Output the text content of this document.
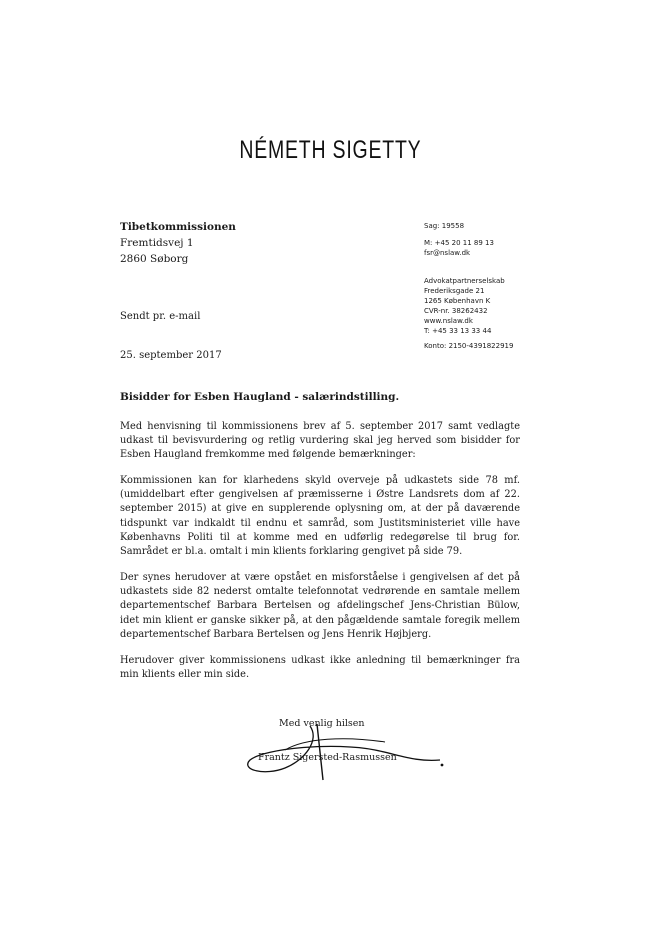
NÉMETH SIGETTY
Tibetkommissionen
Fremtidsvej 1
2860 Søborg
Sag: 19558
M: +45 20 11 89 13
fsr@nslaw.dk
Advokatpartnerselskab
Frederiksgade 21
1265 København K
CVR-nr. 38262432
www.nslaw.dk
T: +45 33 13 33 44
Konto: 2150-4391822919
Sendt pr. e-mail
25. september 2017
Bisidder for Esben Haugland - salærindstilling.
Med henvisning til kommissionens brev af 5. september 2017 samt vedlagte udkast til bevisvurdering og retlig vurdering skal jeg herved som bisidder for Esben Haugland fremkomme med følgende bemærkninger:
Kommissionen kan for klarhedens skyld overveje på udkastets side 78 mf. (umiddelbart efter gengivelsen af præmisserne i Østre Landsrets dom af 22. september 2015) at give en supplerende oplysning om, at der på daværende tidspunkt var indkaldt til endnu et samråd, som Justitsministeriet ville have Københavns Politi til at komme med en udførlig redegørelse til brug for. Samrådet er bl.a. omtalt i min klients forklaring gengivet på side 79.
Der synes herudover at være opstået en misforståelse i gengivelsen af det på udkastets side 82 nederst omtalte telefonnotat vedrørende en samtale mellem departementschef Barbara Bertelsen og afdelingschef Jens-Christian Bülow, idet min klient er ganske sikker på, at den pågældende samtale foregik mellem departementschef Barbara Bertelsen og Jens Henrik Højbjerg.
Herudover giver kommissionens udkast ikke anledning til bemærkninger fra min klients eller min side.
Med venlig hilsen
Frantz Sigersted-Rasmussen
